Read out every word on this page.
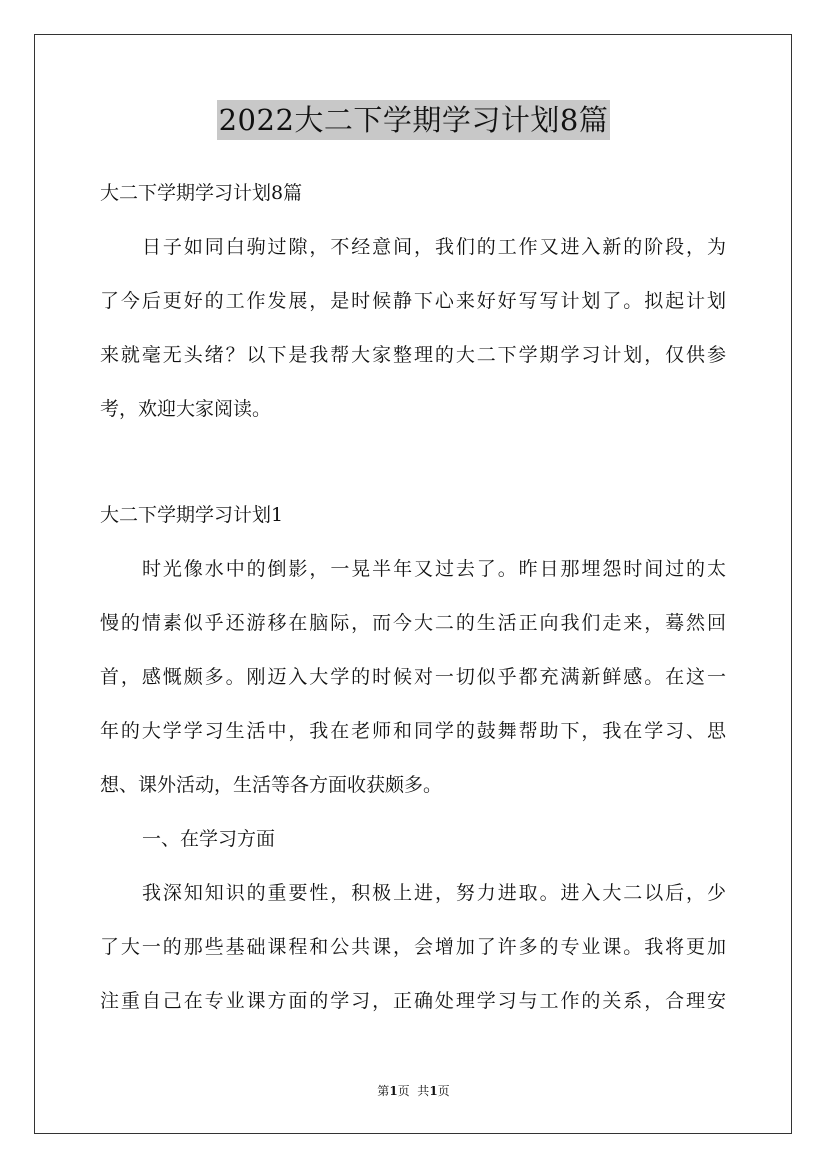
2022大二下学期学习计划8篇
大二下学期学习计划8篇
日子如同白驹过隙，不经意间，我们的工作又进入新的阶段，为
了今后更好的工作发展，是时候静下心来好好写写计划了。拟起计划
来就毫无头绪？以下是我帮大家整理的大二下学期学习计划，仅供参
考，欢迎大家阅读。
大二下学期学习计划1
时光像水中的倒影，一晃半年又过去了。昨日那埋怨时间过的太
慢的情素似乎还游移在脑际，而今大二的生活正向我们走来，蓦然回
首，感慨颇多。刚迈入大学的时候对一切似乎都充满新鲜感。在这一
年的大学学习生活中，我在老师和同学的鼓舞帮助下，我在学习、思
想、课外活动，生活等各方面收获颇多。
一、在学习方面
我深知知识的重要性，积极上进，努力进取。进入大二以后，少
了大一的那些基础课程和公共课，会增加了许多的专业课。我将更加
注重自己在专业课方面的学习，正确处理学习与工作的关系，合理安
第1页  共1页
